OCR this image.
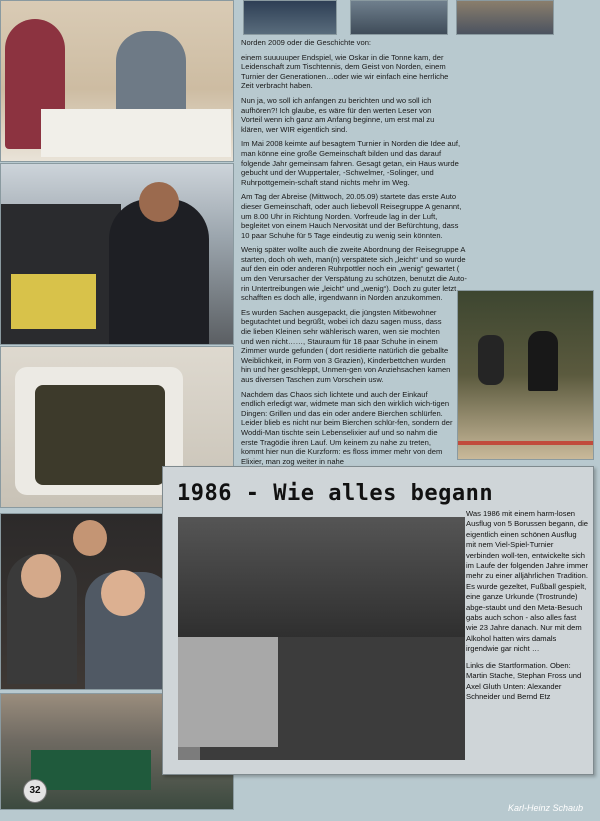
Norden 2009 oder die Geschichte von:

einem suuuuuper Endspiel, wie Oskar in die Tonne kam, der Leidenschaft zum Tischtennis, dem Geist von Norden, einem Turnier der Generationen…oder wie wir einfach eine herrliche Zeit verbracht haben.

Nun ja, wo soll ich anfangen zu berichten und wo soll ich aufhören?! Ich glaube, es wäre für den werten Leser von Vorteil wenn ich ganz am Anfang beginne, um erst mal zu klären, wer WIR eigentlich sind.

Im Mai 2008 keimte auf besagtem Turnier in Norden die Idee auf, man könne eine große Gemeinschaft bilden und das darauf folgende Jahr gemeinsam fahren. Gesagt getan, ein Haus wurde gebucht und der Wuppertaler, -Schwelmer, -Solinger, und Ruhrpottgemein-schaft stand nichts mehr im Weg.

Am Tag der Abreise (Mittwoch, 20.05.09) startete das erste Auto dieser Gemeinschaft, oder auch liebevoll Reisegruppe A genannt, um 8.00 Uhr in Richtung Norden. Vorfreude lag in der Luft, begleitet von einem Hauch Nervosität und der Befürchtung, dass 10 paar Schuhe für 5 Tage eindeutig zu wenig sein könnten.

Wenig später wollte auch die zweite Abordnung der Reisegruppe A starten, doch oh weh, man(n) verspätete sich „leicht“ und so wurde auf den ein oder anderen Ruhrpottler noch ein „wenig“ gewartet ( um den Verursacher der Verspätung zu schützen, benutzt die Auto-rin Untertreibungen wie „leicht“ und „wenig“). Doch zu guter letzt schafften es doch alle, irgendwann in Norden anzukommen.

Es wurden Sachen ausgepackt, die jüngsten Mitbewohner begutachtet und begrüßt, wobei ich dazu sagen muss, dass die lieben Kleinen sehr wählerisch waren, wen sie mochten und wen nicht……, Stauraum für 18 paar Schuhe in einem Zimmer wurde gefunden ( dort residierte natürlich die geballte Weiblichkeit, in Form von 3 Grazien), Kinderbettchen wurden hin und her geschleppt, Unmen-gen von Anziehsachen kamen aus diversen Taschen zum Vorschein usw.

Nachdem das Chaos sich lichtete und auch der Einkauf endlich erledigt war, widmete man sich den wirklich wich-tigen Dingen: Grillen und das ein oder andere Bierchen schlürfen. Leider blieb es nicht nur beim Bierchen schlür-fen, sondern der Woddi-Man tischte sein Lebenselixier auf und so nahm die erste Tragödie ihren Lauf. Um keinem zu nahe zu treten, kommt hier nun die Kurzform: es floss immer mehr von dem Elixier, man zog weiter in nahe

1986 - Wie alles begann

Was 1986 mit einem harm-losen Ausflug von 5 Borussen begann, die eigentlich einen schönen Ausflug mit nem Viel-Spiel-Turnier verbinden woll-ten, entwickelte sich im Laufe der folgenden Jahre immer mehr zu einer alljährlichen Tradition. Es wurde gezeltet, Fußball gespielt, eine ganze Urkunde (Trostrunde) abge-staubt und den Meta-Besuch gabs auch schon - also alles fast wie 23 Jahre danach. Nur mit dem Alkohol hatten wirs damals irgendwie gar nicht …

Links die Startformation. Oben: Martin Stache, Stephan Fross und Axel Gluth Unten: Alexander Schneider und Bernd Etz

32
Karl-Heinz Schaub
